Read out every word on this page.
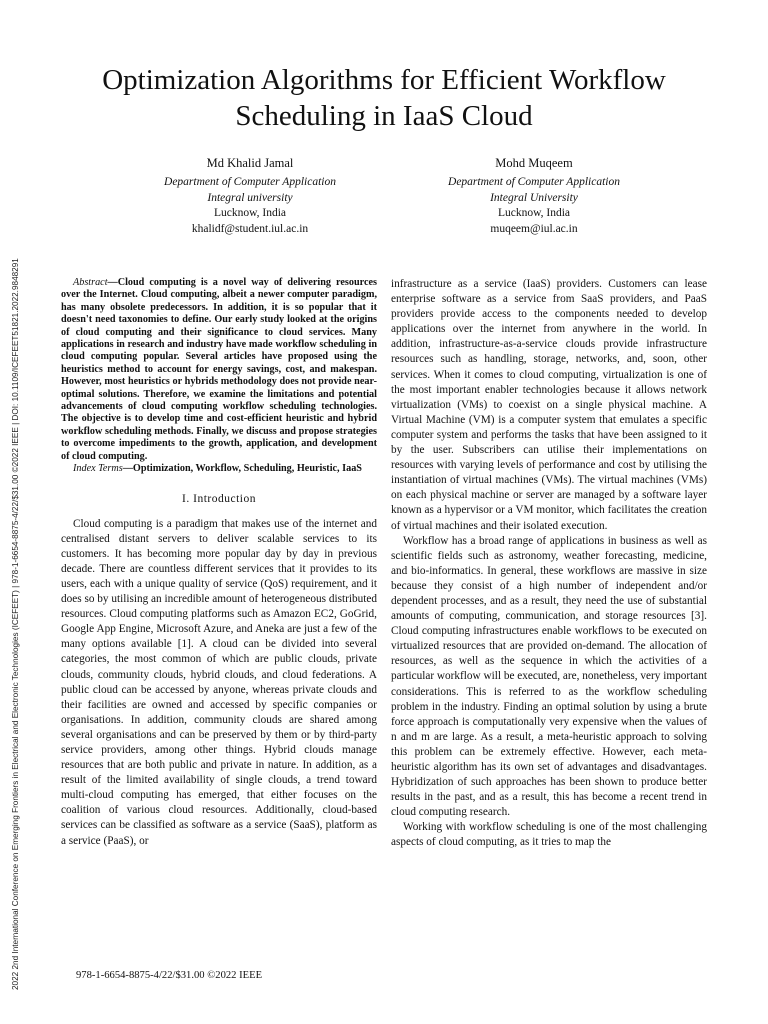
2022 2nd International Conference on Emerging Frontiers in Electrical and Electronic Technologies (ICEFEET) | 978-1-6654-8875-4/22/$31.00 ©2022 IEEE | DOI: 10.1109/ICEFEET51821.2022.9848291
Optimization Algorithms for Efficient Workflow
Scheduling in IaaS Cloud
Md Khalid Jamal
Department of Computer Application
Integral university
Lucknow, India
khalidf@student.iul.ac.in
Mohd Muqeem
Department of Computer Application
Integral University
Lucknow, India
muqeem@iul.ac.in

Abstract—Cloud computing is a novel way of delivering resources over the Internet. Cloud computing, albeit a newer computer paradigm, has many obsolete predecessors. In addition, it is so popular that it doesn't need taxonomies to define. Our early study looked at the origins of cloud computing and their significance to cloud services. Many applications in research and industry have made workflow scheduling in cloud computing popular. Several articles have proposed using the heuristics method to account for energy savings, cost, and makespan. However, most heuristics or hybrids methodology does not provide near-optimal solutions. Therefore, we examine the limitations and potential advancements of cloud computing workflow scheduling technologies. The objective is to develop time and cost-efficient heuristic and hybrid workflow scheduling methods. Finally, we discuss and propose strategies to overcome impediments to the growth, application, and development of cloud computing.

Index Terms—Optimization, Workflow, Scheduling, Heuristic, IaaS

I. Introduction

Cloud computing is a paradigm that makes use of the internet and centralised distant servers to deliver scalable services to its customers. It has becoming more popular day by day in previous decade. There are countless different services that it provides to its users, each with a unique quality of service (QoS) requirement, and it does so by utilising an incredible amount of heterogeneous distributed resources. Cloud computing platforms such as Amazon EC2, GoGrid, Google App Engine, Microsoft Azure, and Aneka are just a few of the many options available [1]. A cloud can be divided into several categories, the most common of which are public clouds, private clouds, community clouds, hybrid clouds, and cloud federations. A public cloud can be accessed by anyone, whereas private clouds and their facilities are owned and accessed by specific companies or organisations. In addition, community clouds are shared among several organisations and can be preserved by them or by third-party service providers, among other things. Hybrid clouds manage resources that are both public and private in nature. In addition, as a result of the limited availability of single clouds, a trend toward multi-cloud computing has emerged, that either focuses on the coalition of various cloud resources. Additionally, cloud-based services can be classified as software as a service (SaaS), platform as a service (PaaS), or

infrastructure as a service (IaaS) providers. Customers can lease enterprise software as a service from SaaS providers, and PaaS providers provide access to the components needed to develop applications over the internet from anywhere in the world. In addition, infrastructure-as-a-service clouds provide infrastructure resources such as handling, storage, networks, and, soon, other services. When it comes to cloud computing, virtualization is one of the most important enabler technologies because it allows network virtualization (VMs) to coexist on a single physical machine. A Virtual Machine (VM) is a computer system that emulates a specific computer system and performs the tasks that have been assigned to it by the user. Subscribers can utilise their implementations on resources with varying levels of performance and cost by utilising the instantiation of virtual machines (VMs). The virtual machines (VMs) on each physical machine or server are managed by a software layer known as a hypervisor or a VM monitor, which facilitates the creation of virtual machines and their isolated execution.

Workflow has a broad range of applications in business as well as scientific fields such as astronomy, weather forecasting, medicine, and bio-informatics. In general, these workflows are massive in size because they consist of a high number of independent and/or dependent processes, and as a result, they need the use of substantial amounts of computing, communication, and storage resources [3]. Cloud computing infrastructures enable workflows to be executed on virtualized resources that are provided on-demand. The allocation of resources, as well as the sequence in which the activities of a particular workflow will be executed, are, nonetheless, very important considerations. This is referred to as the workflow scheduling problem in the industry. Finding an optimal solution by using a brute force approach is computationally very expensive when the values of n and m are large. As a result, a meta-heuristic approach to solving this problem can be extremely effective. However, each meta-heuristic algorithm has its own set of advantages and disadvantages. Hybridization of such approaches has been shown to produce better results in the past, and as a result, this has become a recent trend in cloud computing research.

Working with workflow scheduling is one of the most challenging aspects of cloud computing, as it tries to map the

978-1-6654-8875-4/22/$31.00 ©2022 IEEE
